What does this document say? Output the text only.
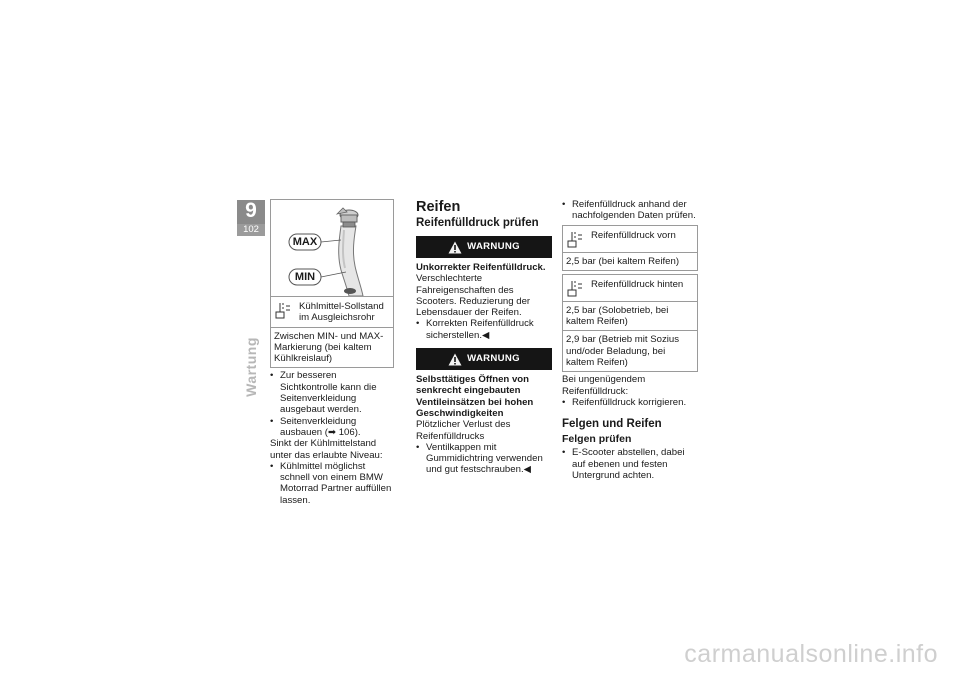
9
102
Wartung
MAX
MIN
Kühlmittel-Sollstand im Ausgleichsrohr
Zwischen MIN- und MAX-Markierung (bei kaltem Kühlkreislauf)
• Zur besseren Sichtkontrolle kann die Seitenverkleidung ausgebaut werden.
• Seitenverkleidung ausbauen (➡ 106).

Sinkt der Kühlmittelstand unter das erlaubte Niveau:

• Kühlmittel möglichst schnell von einem BMW Motorrad Partner auffüllen lassen.
Reifen
Reifenfülldruck prüfen
WARNUNG

Unkorrekter Reifenfülldruck.

Verschlechterte Fahreigenschaften des Scooters. Reduzierung der Lebensdauer der Reifen.

• Korrekten Reifenfülldruck sicherstellen.◀
WARNUNG

Selbsttätiges Öffnen von senkrecht eingebauten Ventileinsätzen bei hohen Geschwindigkeiten

Plötzlicher Verlust des Reifenfülldrucks

• Ventilkappen mit Gummidichtring verwenden und gut festschrauben.◀
• Reifenfülldruck anhand der nachfolgenden Daten prüfen.
Reifenfülldruck vorn
2,5 bar (bei kaltem Reifen)
Reifenfülldruck hinten
2,5 bar (Solobetrieb, bei kaltem Reifen)
2,9 bar (Betrieb mit Sozius und/oder Beladung, bei kaltem Reifen)

Bei ungenügendem Reifenfülldruck:

• Reifenfülldruck korrigieren.
Felgen und Reifen
Felgen prüfen
• E-Scooter abstellen, dabei auf ebenen und festen Untergrund achten.
carmanualsonline.info
